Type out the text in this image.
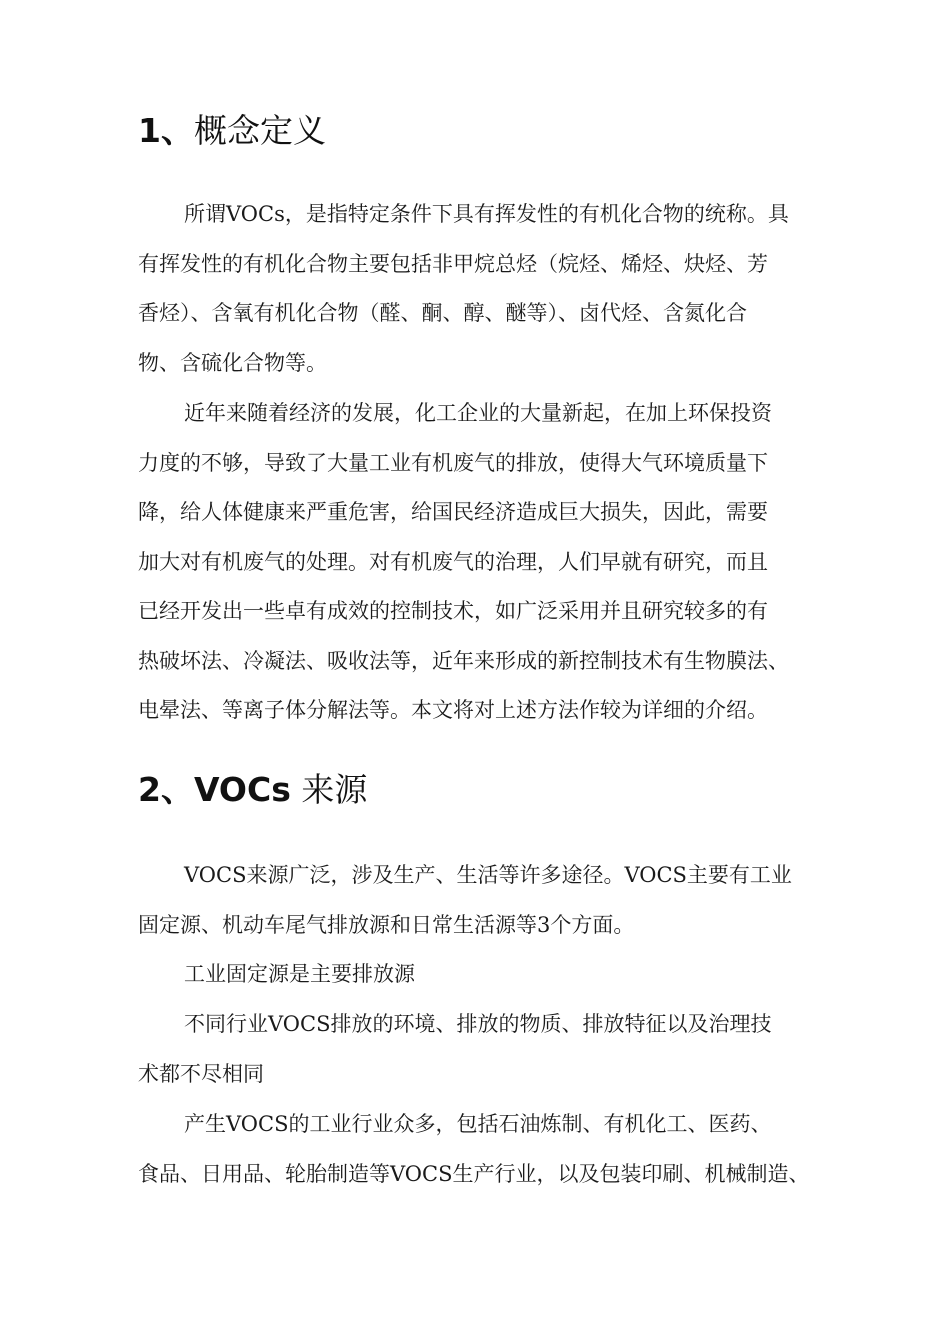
1、概念定义
所谓VOCs，是指特定条件下具有挥发性的有机化合物的统称。具
有挥发性的有机化合物主要包括非甲烷总烃（烷烃、烯烃、炔烃、芳
香烃）、含氧有机化合物（醛、酮、醇、醚等）、卤代烃、含氮化合
物、含硫化合物等。
近年来随着经济的发展，化工企业的大量新起，在加上环保投资
力度的不够，导致了大量工业有机废气的排放，使得大气环境质量下
降，给人体健康来严重危害，给国民经济造成巨大损失，因此，需要
加大对有机废气的处理。对有机废气的治理，人们早就有研究，而且
已经开发出一些卓有成效的控制技术，如广泛采用并且研究较多的有
热破坏法、冷凝法、吸收法等，近年来形成的新控制技术有生物膜法、
电晕法、等离子体分解法等。本文将对上述方法作较为详细的介绍。
2、VOCs 来源
VOCS来源广泛，涉及生产、生活等许多途径。VOCS主要有工业
固定源、机动车尾气排放源和日常生活源等3个方面。
工业固定源是主要排放源
不同行业VOCS排放的环境、排放的物质、排放特征以及治理技
术都不尽相同
产生VOCS的工业行业众多，包括石油炼制、有机化工、医药、
食品、日用品、轮胎制造等VOCS生产行业，以及包装印刷、机械制造、
